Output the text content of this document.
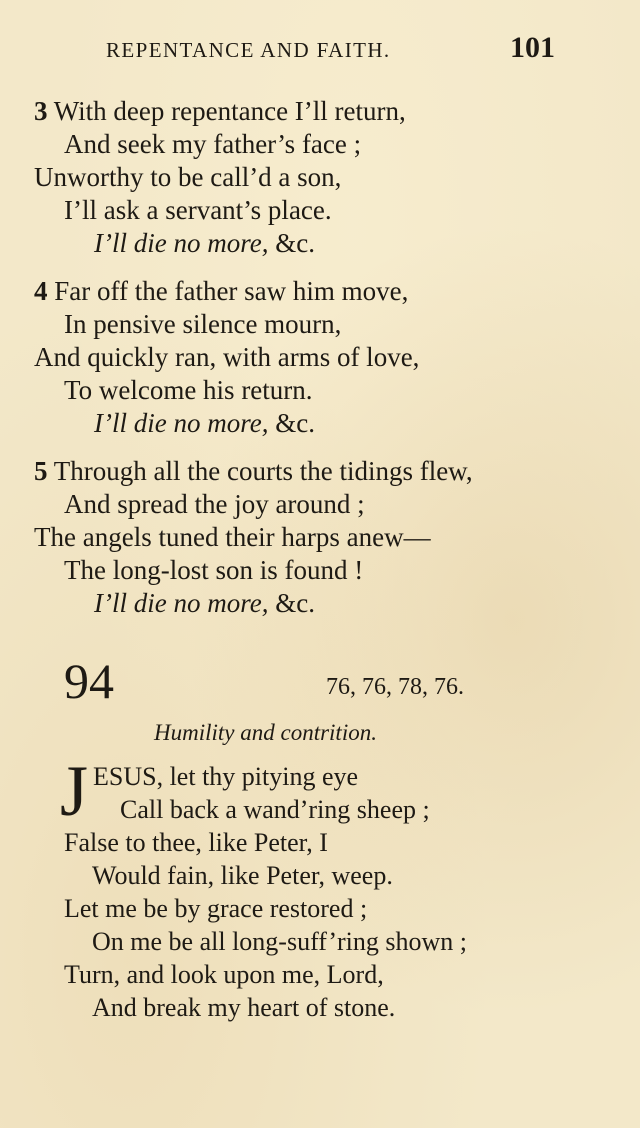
REPENTANCE AND FAITH.	101
3 With deep repentance I’ll return,
And seek my father’s face ;
Unworthy to be call’d a son,
I’ll ask a servant’s place.
I’ll die no more, &c.
4 Far off the father saw him move,
In pensive silence mourn,
And quickly ran, with arms of love,
To welcome his return.
I’ll die no more, &c.
5 Through all the courts the tidings flew,
And spread the joy around ;
The angels tuned their harps anew—
The long-lost son is found !
I’ll die no more, &c.
94	76, 76, 78, 76.
Humility and contrition.
J ESUS, let thy pitying eye
Call back a wand’ring sheep ;
False to thee, like Peter, I
Would fain, like Peter, weep.
Let me be by grace restored ;
On me be all long-suff’ring shown ;
Turn, and look upon me, Lord,
And break my heart of stone.
